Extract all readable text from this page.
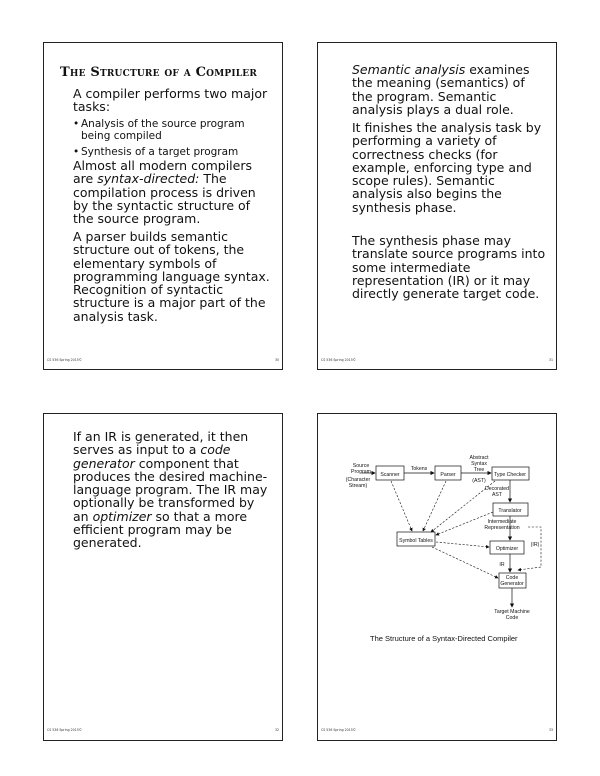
The Structure of a Compiler
A compiler performs two major tasks:
• Analysis of the source program being compiled
• Synthesis of a target program
Almost all modern compilers are syntax-directed: The compilation process is driven by the syntactic structure of the source program.
A parser builds semantic structure out of tokens, the elementary symbols of programming language syntax. Recognition of syntactic structure is a major part of the analysis task.
CS 536 Spring 2015©	30
Semantic analysis examines the meaning (semantics) of the program. Semantic analysis plays a dual role.
It finishes the analysis task by performing a variety of correctness checks (for example, enforcing type and scope rules). Semantic analysis also begins the synthesis phase.
The synthesis phase may translate source programs into some intermediate representation (IR) or it may directly generate target code.
CS 536 Spring 2015©	31
If an IR is generated, it then serves as input to a code generator component that produces the desired machine-language program. The IR may optionally be transformed by an optimizer so that a more efficient program may be generated.
CS 536 Spring 2015©	32
Source
Program
(Character
Stream)
Scanner
Tokens
Parser
Abstract
Syntax
Tree
(AST)
Type Checker
Decorated
AST
Translator
Intermediate
Representation
(IR)
Symbol Tables
Optimizer
IR
Code
Generator
Target Machine
Code
The Structure of a Syntax-Directed Compiler
CS 536 Spring 2015©	33
